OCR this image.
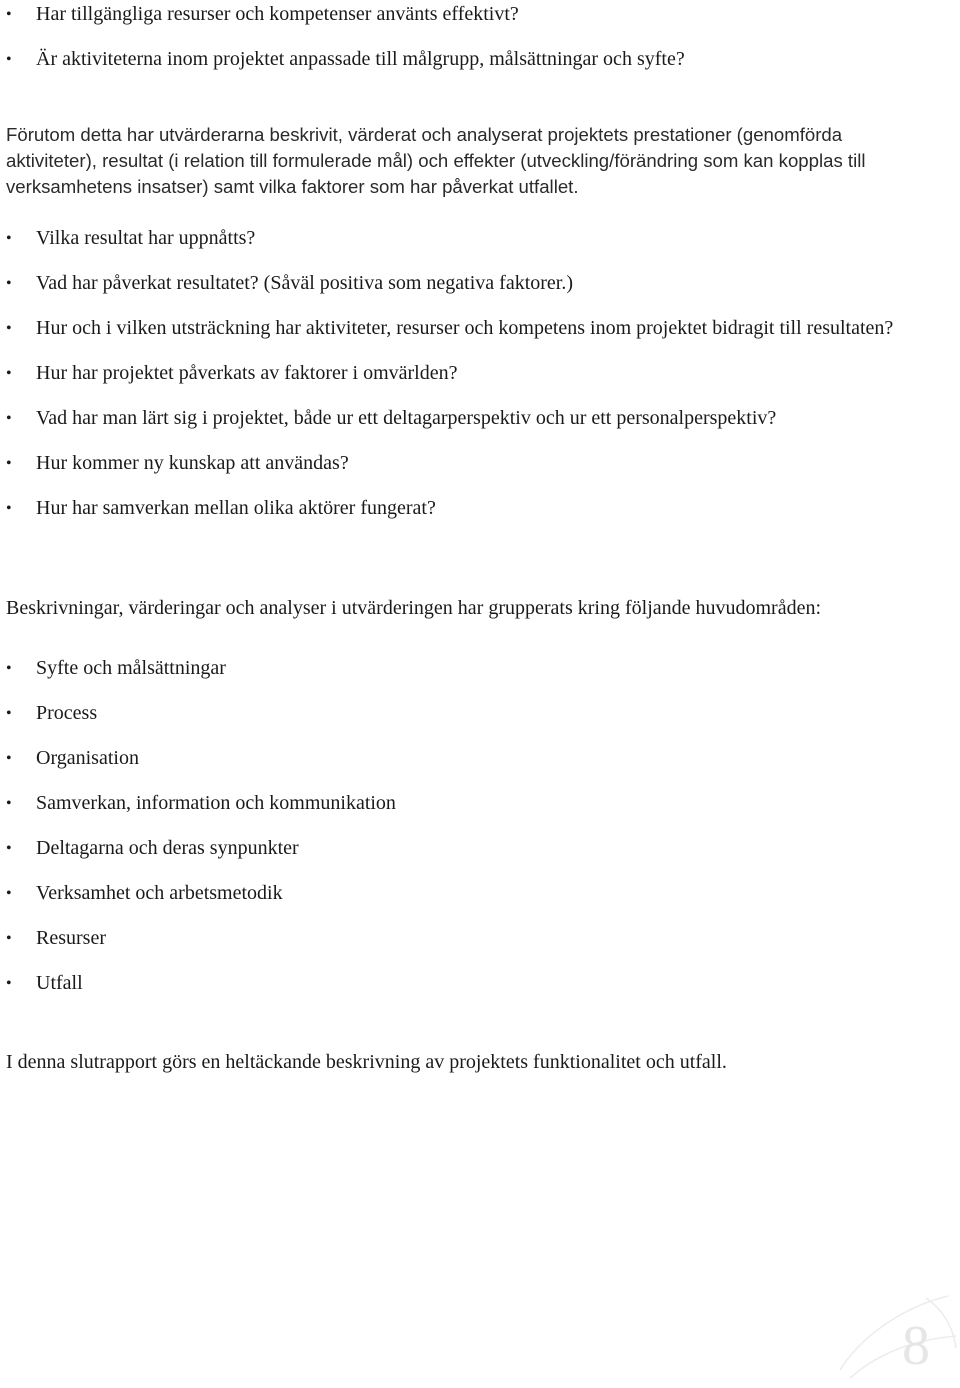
• Har tillgängliga resurser och kompetenser använts effektivt?
• Är aktiviteterna inom projektet anpassade till målgrupp, målsättningar och syfte?

Förutom detta har utvärderarna beskrivit, värderat och analyserat projektets prestationer (genomförda aktiviteter), resultat (i relation till formulerade mål) och effekter (utveckling/förändring som kan kopplas till verksamhetens insatser) samt vilka faktorer som har påverkat utfallet.

• Vilka resultat har uppnåtts?
• Vad har påverkat resultatet? (Såväl positiva som negativa faktorer.)
• Hur och i vilken utsträckning har aktiviteter, resurser och kompetens inom projektet bidragit till resultaten?
• Hur har projektet påverkats av faktorer i omvärlden?
• Vad har man lärt sig i projektet, både ur ett deltagarperspektiv och ur ett personalperspektiv?
• Hur kommer ny kunskap att användas?
• Hur har samverkan mellan olika aktörer fungerat?

Beskrivningar, värderingar och analyser i utvärderingen har grupperats kring följande huvudområden:

• Syfte och målsättningar
• Process
• Organisation
• Samverkan, information och kommunikation
• Deltagarna och deras synpunkter
• Verksamhet och arbetsmetodik
• Resurser
• Utfall

I denna slutrapport görs en heltäckande beskrivning av projektets funktionalitet och utfall.

8
